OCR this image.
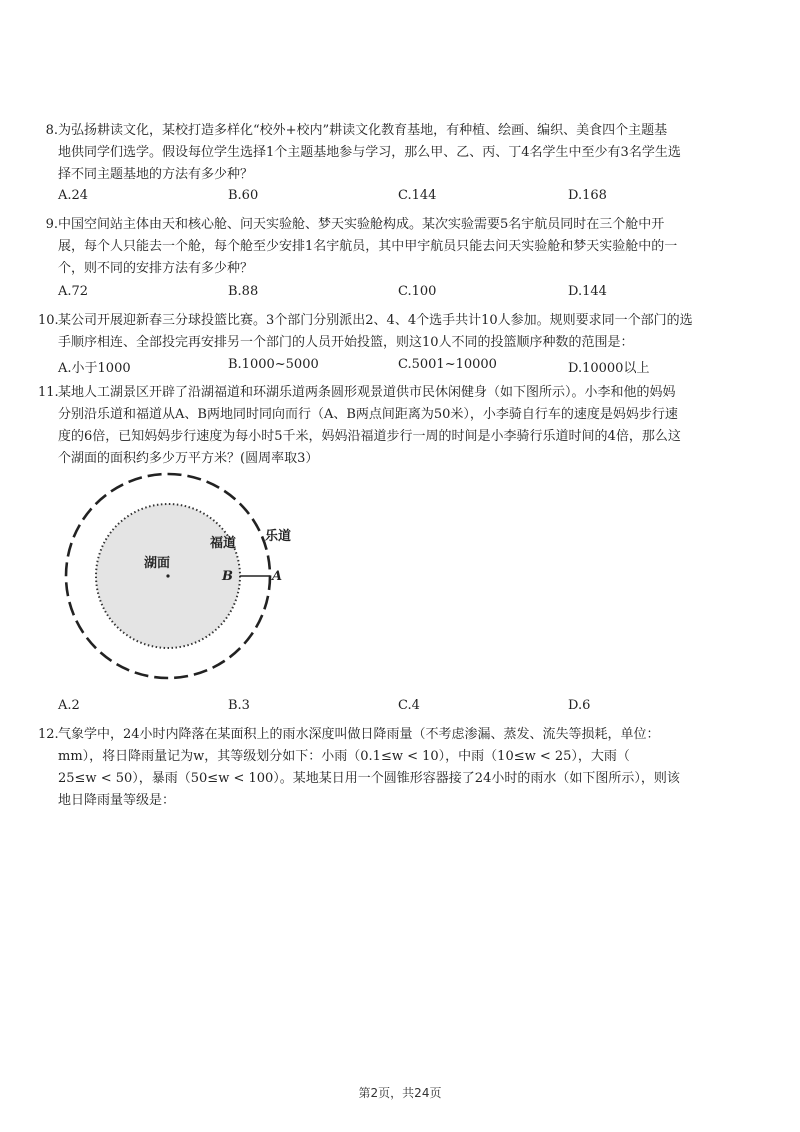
8. 为弘扬耕读文化，某校打造多样化“校外+校内”耕读文化教育基地，有种植、绘画、编织、美食四个主题基
地供同学们选学。假设每位学生选择1个主题基地参与学习，那么甲、乙、丙、丁4名学生中至少有3名学生选
择不同主题基地的方法有多少种？
A.24	B.60	C.144	D.168
9. 中国空间站主体由天和核心舱、问天实验舱、梦天实验舱构成。某次实验需要5名宇航员同时在三个舱中开
展，每个人只能去一个舱，每个舱至少安排1名宇航员，其中甲宇航员只能去问天实验舱和梦天实验舱中的一
个，则不同的安排方法有多少种？
A.72	B.88	C.100	D.144
10. 某公司开展迎新春三分球投篮比赛。3个部门分别派出2、4、4个选手共计10人参加。规则要求同一个部门的选
手顺序相连、全部投完再安排另一个部门的人员开始投篮，则这10人不同的投篮顺序种数的范围是：
A.小于1000	B.1000~5000	C.5001~10000	D.10000以上
11. 某地人工湖景区开辟了沿湖福道和环湖乐道两条圆形观景道供市民休闲健身（如下图所示）。小李和他的妈妈
分别沿乐道和福道从A、B两地同时同向而行（A、B两点间距离为50米），小李骑自行车的速度是妈妈步行速
度的6倍，已知妈妈步行速度为每小时5千米，妈妈沿福道步行一周的时间是小李骑行乐道时间的4倍，那么这
个湖面的面积约多少万平方米？(圆周率取3）
湖面
福道 乐道
B	A
A.2	B.3	C.4	D.6
12. 气象学中，24小时内降落在某面积上的雨水深度叫做日降雨量（不考虑渗漏、蒸发、流失等损耗，单位：
mm），将日降雨量记为w，其等级划分如下：小雨（0.1≤w < 10），中雨（10≤w < 25），大雨（
25≤w < 50），暴雨（50≤w < 100）。某地某日用一个圆锥形容器接了24小时的雨水（如下图所示），则该
地日降雨量等级是：
第2页，共24页
